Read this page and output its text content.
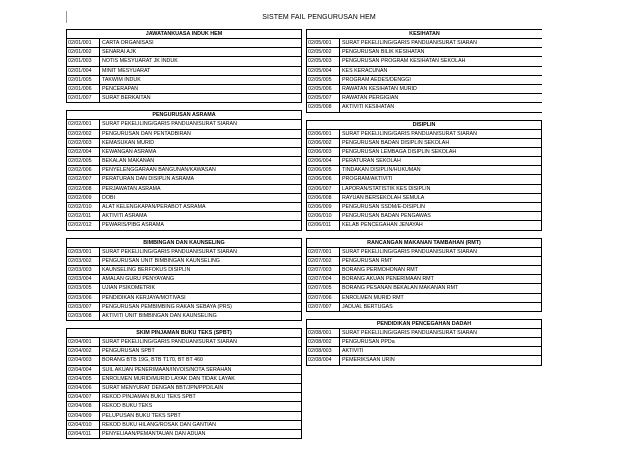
SISTEM FAIL PENGURUSAN HEM
JAWATANKUASA INDUK HEM
02/01/001	CARTA ORGANISASI
02/01/002	SENARAI AJK
02/01/003	NOTIS MESYUARAT JK INDUK
02/01/004	MINIT MESYUARAT
02/01/005	TAKWIM INDUK
02/01/006	PENCERAPAN
02/01/007	SURAT BERKAITAN
PENGURUSAN ASRAMA
02/02/001	SURAT PEKELILING/GARIS PANDUAN/SURAT SIARAN
02/02/002	PENGURUSAN DAN PENTADBIRAN
02/02/003	KEMASUKAN MURID
02/02/004	KEWANGAN ASRAMA
02/02/005	BEKALAN MAKANAN
02/02/006	PENYELENGGARAAN BANGUNAN/KAWASAN
02/02/007	PERATURAN DAN DISIPLIN ASRAMA
02/02/008	PERJAWATAN ASRAMA
02/02/009	DOBI
02/02/010	ALAT KELENGKAPAN/PERABOT ASRAMA
02/02/011	AKTIVITI ASRAMA
02/02/012	PEWARIS/PIBG ASRAMA
BIMBINGAN DAN KAUNSELING
02/03/001	SURAT PEKELILING/GARIS PANDUAN/SURAT SIARAN
02/03/002	PENGURUSAN UNIT BIMBINGAN KAUNSELING
02/03/003	KAUNSELING BERFOKUS DISIPLIN
02/03/004	AMALAN GURU PENYAYANG
02/03/005	UJIAN PSIKOMETRIK
02/03/006	PENDIDIKAN KERJAYA/MOTIVASI
02/03/007	PENGURUSAN PEMBIMBING RAKAN SEBAYA (PRS)
02/03/008	AKTIVITI UNIT BIMBINGAN DAN KAUNSELING
SKIM PINJAMAN BUKU TEKS (SPBT)
02/04/001	SURAT PEKELILING/GARIS PANDUAN/SURAT SIARAN
02/04/002	PENGURUSAN SPBT
02/04/003	BORANG BTB 19G, BTB T170, BT BT 460
02/04/004	SUIL AKUAN PENERIMAAN/INVOIS/NOTA SERAHAN
02/04/005	ENROLMEN MURID/MURID LAYAK DAN TIDAK LAYAK
02/04/006	SURAT MENYURAT DENGAN BBT/JPN/PPD/LAIN
02/04/007	REKOD PINJAMAN BUKU TEKS SPBT
02/04/008	REKOD BUKU TEKS
02/04/009	PELUPUSAN BUKU TEKS SPBT
02/04/010	REKOD BUKU HILANG/ROSAK DAN GANTIAN
02/04/011	PENYELIAAN/PEMANTAUAN DAN ADUAN
KESIHATAN
02/05/001	SURAT PEKELILING/GARIS PANDUAN/SURAT SIARAN
02/05/002	PENGURUSAN BILIK KESIHATAN
02/05/003	PENGURUSAN PROGRAM KESIHATAN SEKOLAH
02/05/004	KES KERACUNAN
02/05/005	PROGRAM AEDES/DENGGI
02/05/006	RAWATAN KESIHATAN MURID
02/05/007	RAWATAN PERGIGIAN
02/05/008	AKTIVITI KESIHATAN
DISIPLIN
02/06/001	SURAT PEKELILING/GARIS PANDUAN/SURAT SIARAN
02/06/002	PENGURUSAN BADAN DISIPLIN SEKOLAH
02/06/003	PENGURUSAN LEMBAGA DISIPLIN SEKOLAH
02/06/004	PERATURAN SEKOLAH
02/06/005	TINDAKAN DISIPLIN/HUKUMAN
02/06/006	PROGRAM/AKTIVITI
02/06/007	LAPORAN/STATISTIK KES DISIPLIN
02/06/008	RAYUAN BERSEKOLAH SEMULA
02/06/009	PENGURUSAN SSDM/E-DISIPLIN
02/06/010	PENGURUSAN BADAN PENGAWAS
02/06/011	KELAB PENCEGAHAN JENAYAH
RANCANGAN MAKANAN TAMBAHAN (RMT)
02/07/001	SURAT PEKELILING/GARIS PANDUAN/SURAT SIARAN
02/07/002	PENGURUSAN RMT
02/07/003	BORANG PERMOHONAN RMT
02/07/004	BORANG AKUAN PENERIMAAN RMT
02/07/005	BORANG PESANAN BEKALAN MAKANAN RMT
02/07/006	ENROLMEN MURID RMT
02/07/007	JADUAL BERTUGAS
PENDIDIKAN PENCEGAHAN DADAH
02/08/001	SURAT PEKELILING/GARIS PANDUAN/SURAT SIARAN
02/08/002	PENGURUSAN PPDa
02/08/003	AKTIVITI
02/08/004	PEMERIKSAAN URIN
